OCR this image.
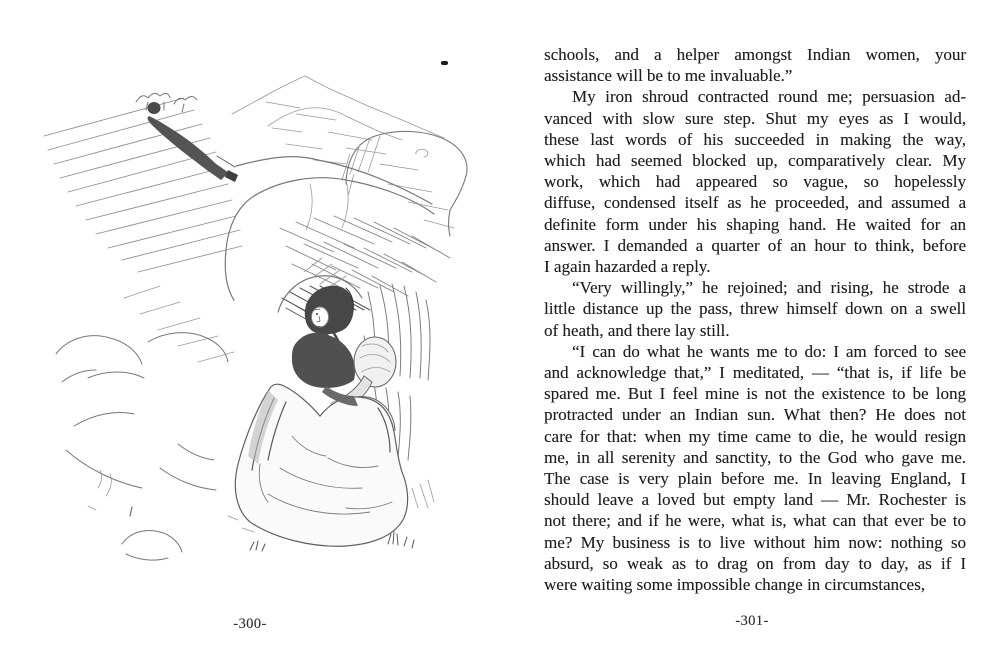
-300-
schools, and a helper amongst Indian women, your
assistance will be to me invaluable.”
My iron shroud contracted round me; persuasion ad-
vanced with slow sure step. Shut my eyes as I would,
these last words of his succeeded in making the way,
which had seemed blocked up, comparatively clear. My
work, which had appeared so vague, so hopelessly
diffuse, condensed itself as he proceeded, and assumed a
definite form under his shaping hand. He waited for an
answer. I demanded a quarter of an hour to think, before
I again hazarded a reply.
“Very willingly,” he rejoined; and rising, he strode a
little distance up the pass, threw himself down on a swell
of heath, and there lay still.
“I can do what he wants me to do: I am forced to see
and acknowledge that,” I meditated, — “that is, if life be
spared me. But I feel mine is not the existence to be long
protracted under an Indian sun. What then? He does not
care for that: when my time came to die, he would resign
me, in all serenity and sanctity, to the God who gave me.
The case is very plain before me. In leaving England, I
should leave a loved but empty land — Mr. Rochester is
not there; and if he were, what is, what can that ever be to
me? My business is to live without him now: nothing so
absurd, so weak as to drag on from day to day, as if I
were waiting some impossible change in circumstances,
-301-
